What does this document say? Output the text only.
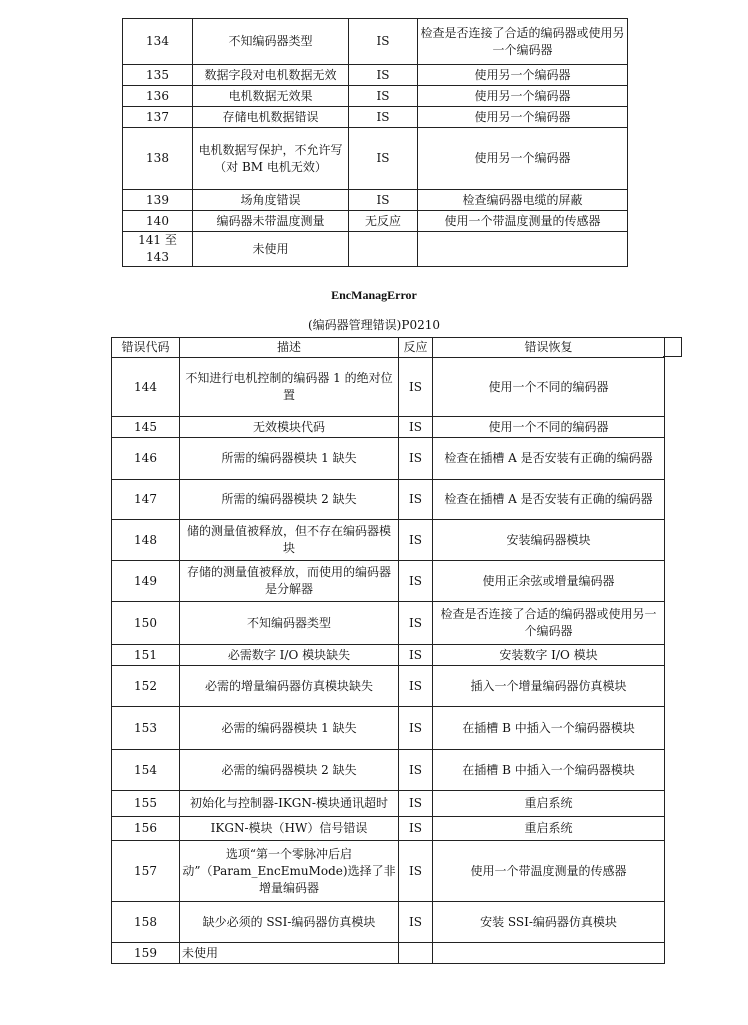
134	不知编码器类型	IS	检查是否连接了合适的编码器或使用另一个编码器
135	数据字段对电机数据无效	IS	使用另一个编码器
136	电机数据无效果	IS	使用另一个编码器
137	存储电机数据错误	IS	使用另一个编码器
138	电机数据写保护，不允许写（对 BM 电机无效）	IS	使用另一个编码器
139	场角度错误	IS	检查编码器电缆的屏蔽
140	编码器未带温度测量	无反应	使用一个带温度测量的传感器
141 至 143	未使用		
EncManagError
(编码器管理错误)P0210
错误代码	描述	反应	错误恢复
144	不知进行电机控制的编码器 1 的绝对位置	IS	使用一个不同的编码器
145	无效模块代码	IS	使用一个不同的编码器
146	所需的编码器模块 1 缺失	IS	检查在插槽 A 是否安装有正确的编码器
147	所需的编码器模块 2 缺失	IS	检查在插槽 A 是否安装有正确的编码器
148	储的测量值被释放，但不存在编码器模块	IS	安装编码器模块
149	存储的测量值被释放，而使用的编码器是分解器	IS	使用正余弦或增量编码器
150	不知编码器类型	IS	检查是否连接了合适的编码器或使用另一个编码器
151	必需数字 I/O 模块缺失	IS	安装数字 I/O 模块
152	必需的增量编码器仿真模块缺失	IS	插入一个增量编码器仿真模块
153	必需的编码器模块 1 缺失	IS	在插槽 B 中插入一个编码器模块
154	必需的编码器模块 2 缺失	IS	在插槽 B 中插入一个编码器模块
155	初始化与控制器-IKGN-模块通讯超时	IS	重启系统
156	IKGN-模块（HW）信号错误	IS	重启系统
157	选项“第一个零脉冲后启动”（Param_EncEmuMode)选择了非增量编码器	IS	使用一个带温度测量的传感器
158	缺少必须的 SSI-编码器仿真模块	IS	安装 SSI-编码器仿真模块
159	未使用		
